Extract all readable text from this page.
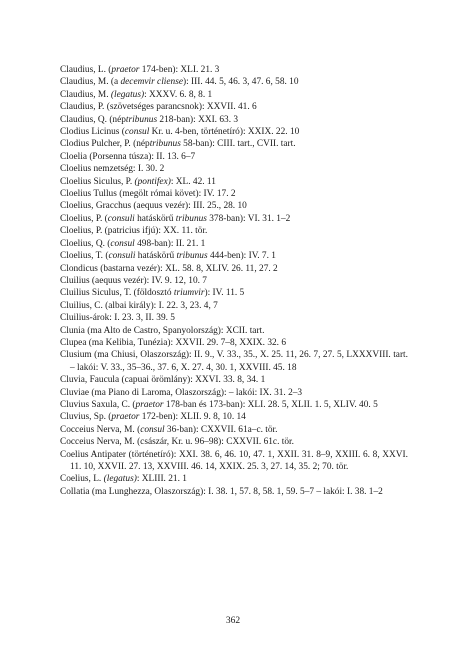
Claudius, L. (praetor 174-ben): XLI. 21. 3
Claudius, M. (a decemvir cliense): III. 44. 5, 46. 3, 47. 6, 58. 10
Claudius, M. (legatus): XXXV. 6. 8, 8. 1
Claudius, P. (szövetséges parancsnok): XXVII. 41. 6
Claudius, Q. (néptribunus 218-ban): XXI. 63. 3
Clodius Licinus (consul Kr. u. 4-ben, történetíró): XXIX. 22. 10
Clodius Pulcher, P. (néptribunus 58-ban): CIII. tart., CVII. tart.
Cloelia (Porsenna túsza): II. 13. 6–7
Cloelius nemzetség: I. 30. 2
Cloelius Siculus, P. (pontifex): XL. 42. 11
Cloelius Tullus (megölt római követ): IV. 17. 2
Cloelius, Gracchus (aequus vezér): III. 25., 28. 10
Cloelius, P. (consuli hatáskörű tribunus 378-ban): VI. 31. 1–2
Cloelius, P. (patricius ifjú): XX. 11. tör.
Cloelius, Q. (consul 498-ban): II. 21. 1
Cloelius, T. (consuli hatáskörű tribunus 444-ben): IV. 7. 1
Clondicus (bastarna vezér): XL. 58. 8, XLIV. 26. 11, 27. 2
Cluilius (aequus vezér): IV. 9. 12, 10. 7
Cluilius Siculus, T. (földosztó triumvir): IV. 11. 5
Cluilius, C. (albai király): I. 22. 3, 23. 4, 7
Cluilius-árok: I. 23. 3, II. 39. 5
Clunia (ma Alto de Castro, Spanyolország): XCII. tart.
Clupea (ma Kelibia, Tunézia): XXVII. 29. 7–8, XXIX. 32. 6
Clusium (ma Chiusi, Olaszország): II. 9., V. 33., 35., X. 25. 11, 26. 7, 27. 5, LXXXVIII. tart. – lakói: V. 33., 35–36., 37. 6, X. 27. 4, 30. 1, XXVIII. 45. 18
Cluvia, Faucula (capuai örömlány): XXVI. 33. 8, 34. 1
Cluviae (ma Piano di Laroma, Olaszország): – lakói: IX. 31. 2–3
Cluvius Saxula, C. (praetor 178-ban és 173-ban): XLI. 28. 5, XLII. 1. 5, XLIV. 40. 5
Cluvius, Sp. (praetor 172-ben): XLII. 9. 8, 10. 14
Cocceius Nerva, M. (consul 36-ban): CXXVII. 61a–c. tör.
Cocceius Nerva, M. (császár, Kr. u. 96–98): CXXVII. 61c. tör.
Coelius Antipater (történetíró): XXI. 38. 6, 46. 10, 47. 1, XXII. 31. 8–9, XXIII. 6. 8, XXVI. 11. 10, XXVII. 27. 13, XXVIII. 46. 14, XXIX. 25. 3, 27. 14, 35. 2; 70. tör.
Coelius, L. (legatus): XLIII. 21. 1
Collatia (ma Lunghezza, Olaszország): I. 38. 1, 57. 8, 58. 1, 59. 5–7 – lakói: I. 38. 1–2
362
